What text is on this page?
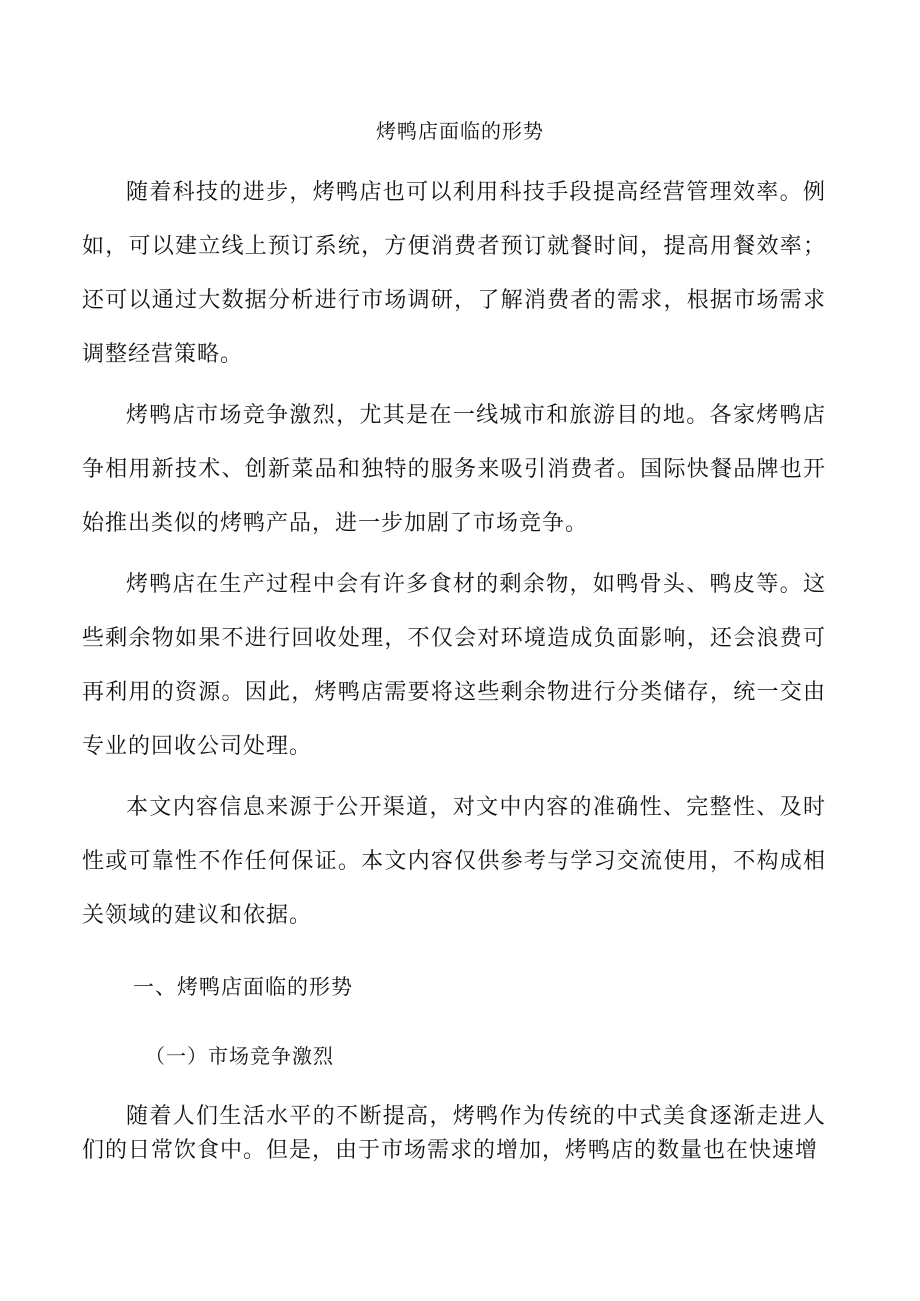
烤鸭店面临的形势

随着科技的进步，烤鸭店也可以利用科技手段提高经营管理效率。例如，可以建立线上预订系统，方便消费者预订就餐时间，提高用餐效率；还可以通过大数据分析进行市场调研，了解消费者的需求，根据市场需求调整经营策略。

烤鸭店市场竞争激烈，尤其是在一线城市和旅游目的地。各家烤鸭店争相用新技术、创新菜品和独特的服务来吸引消费者。国际快餐品牌也开始推出类似的烤鸭产品，进一步加剧了市场竞争。

烤鸭店在生产过程中会有许多食材的剩余物，如鸭骨头、鸭皮等。这些剩余物如果不进行回收处理，不仅会对环境造成负面影响，还会浪费可再利用的资源。因此，烤鸭店需要将这些剩余物进行分类储存，统一交由专业的回收公司处理。

本文内容信息来源于公开渠道，对文中内容的准确性、完整性、及时性或可靠性不作任何保证。本文内容仅供参考与学习交流使用，不构成相关领域的建议和依据。

一、烤鸭店面临的形势
（一）市场竞争激烈

随着人们生活水平的不断提高，烤鸭作为传统的中式美食逐渐走进人们的日常饮食中。但是，由于市场需求的增加，烤鸭店的数量也在快速增
